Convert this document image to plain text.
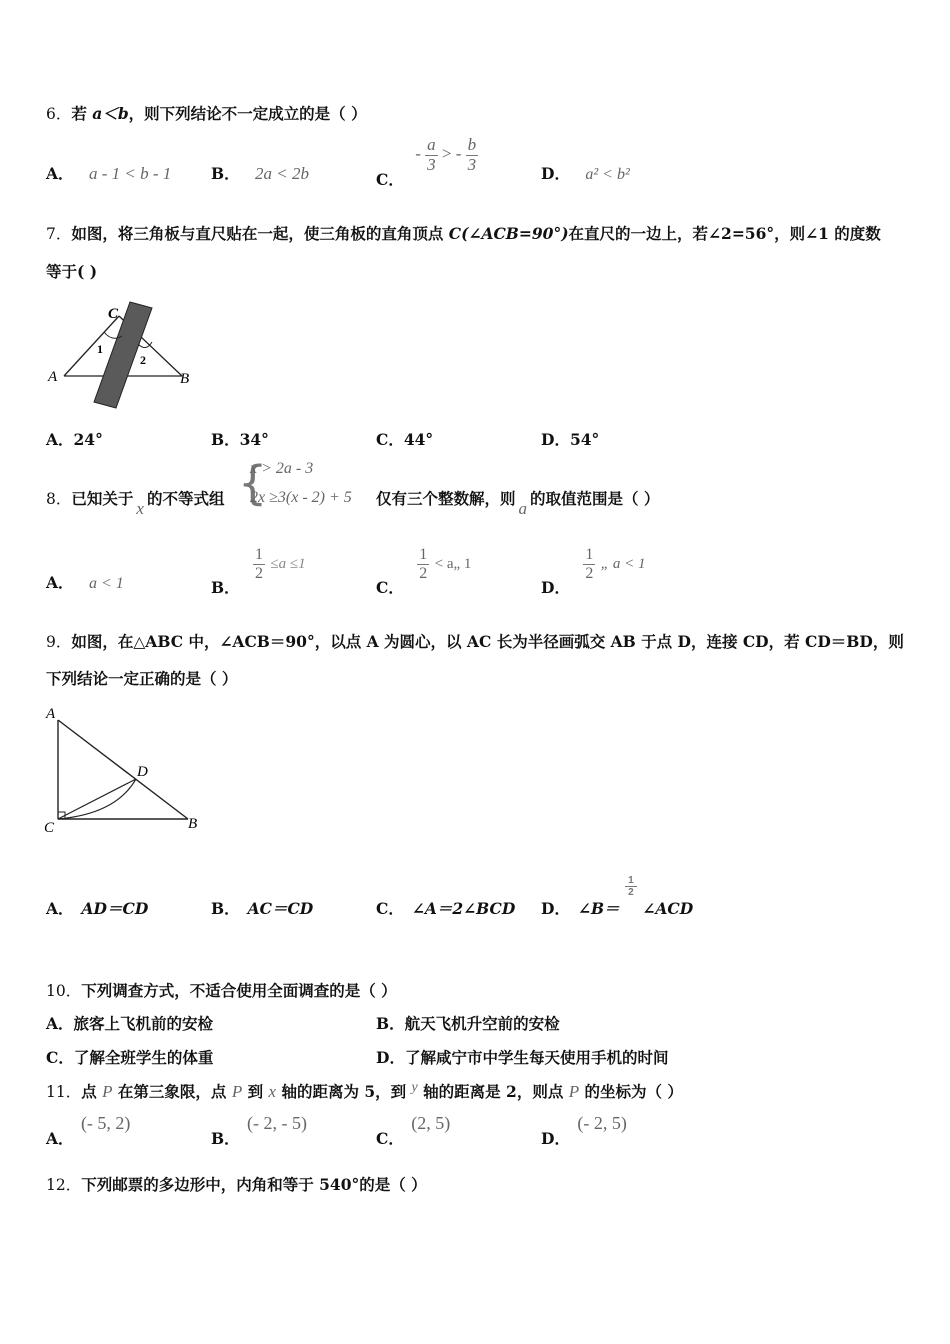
6．若 a＜b，则下列结论不一定成立的是（ ）
A． a - 1 < b - 1	B． 2a < 2b	C． - $\frac{a}{3}$ > - $\frac{b}{3}$	D． a² < b²
7．如图，将三角板与直尺贴在一起，使三角板的直角顶点 C(∠ACB=90°)在直尺的一边上，若∠2=56°，则∠1 的度数
等于( )
C
A	B
1
2
A．24°	B．34°	C．44°	D．54°
8．已知关于x的不等式组 {
x > 2a - 3
2x ≥3(x - 2) + 5 仅有三个整数解，则a的取值范围是（ ）
A． a < 1	B．
$\frac{1}{2} \le a \le 1$
C．
$\frac{1}{2}$ < a„ 1
D．
$\frac{1}{2}$ „ a < 1
9．如图，在△ABC 中，∠ACB＝90°，以点 A 为圆心，以 AC 长为半径画弧交 AB 于点 D，连接 CD，若 CD＝BD，则
下列结论一定正确的是（ ）
A
D
C	B
A． AD＝CD	B． AC＝CD	C． ∠A＝2∠BCD D． ∠B＝
$\frac{1}{2}$
∠ACD
10．下列调查方式，不适合使用全面调查的是（ ）
A．旅客上飞机前的安检	B．航天飞机升空前的安检
C．了解全班学生的体重	D．了解咸宁市中学生每天使用手机的时间
11．点 P 在第三象限，点 P 到 x 轴的距离为 5，到 y 轴的距离是 2，则点 P 的坐标为（ ）
A． (- 5, 2)
B． (- 2, - 5)
C． (2, 5)
D． (- 2, 5)
12．下列邮票的多边形中，内角和等于 540°的是（ ）
